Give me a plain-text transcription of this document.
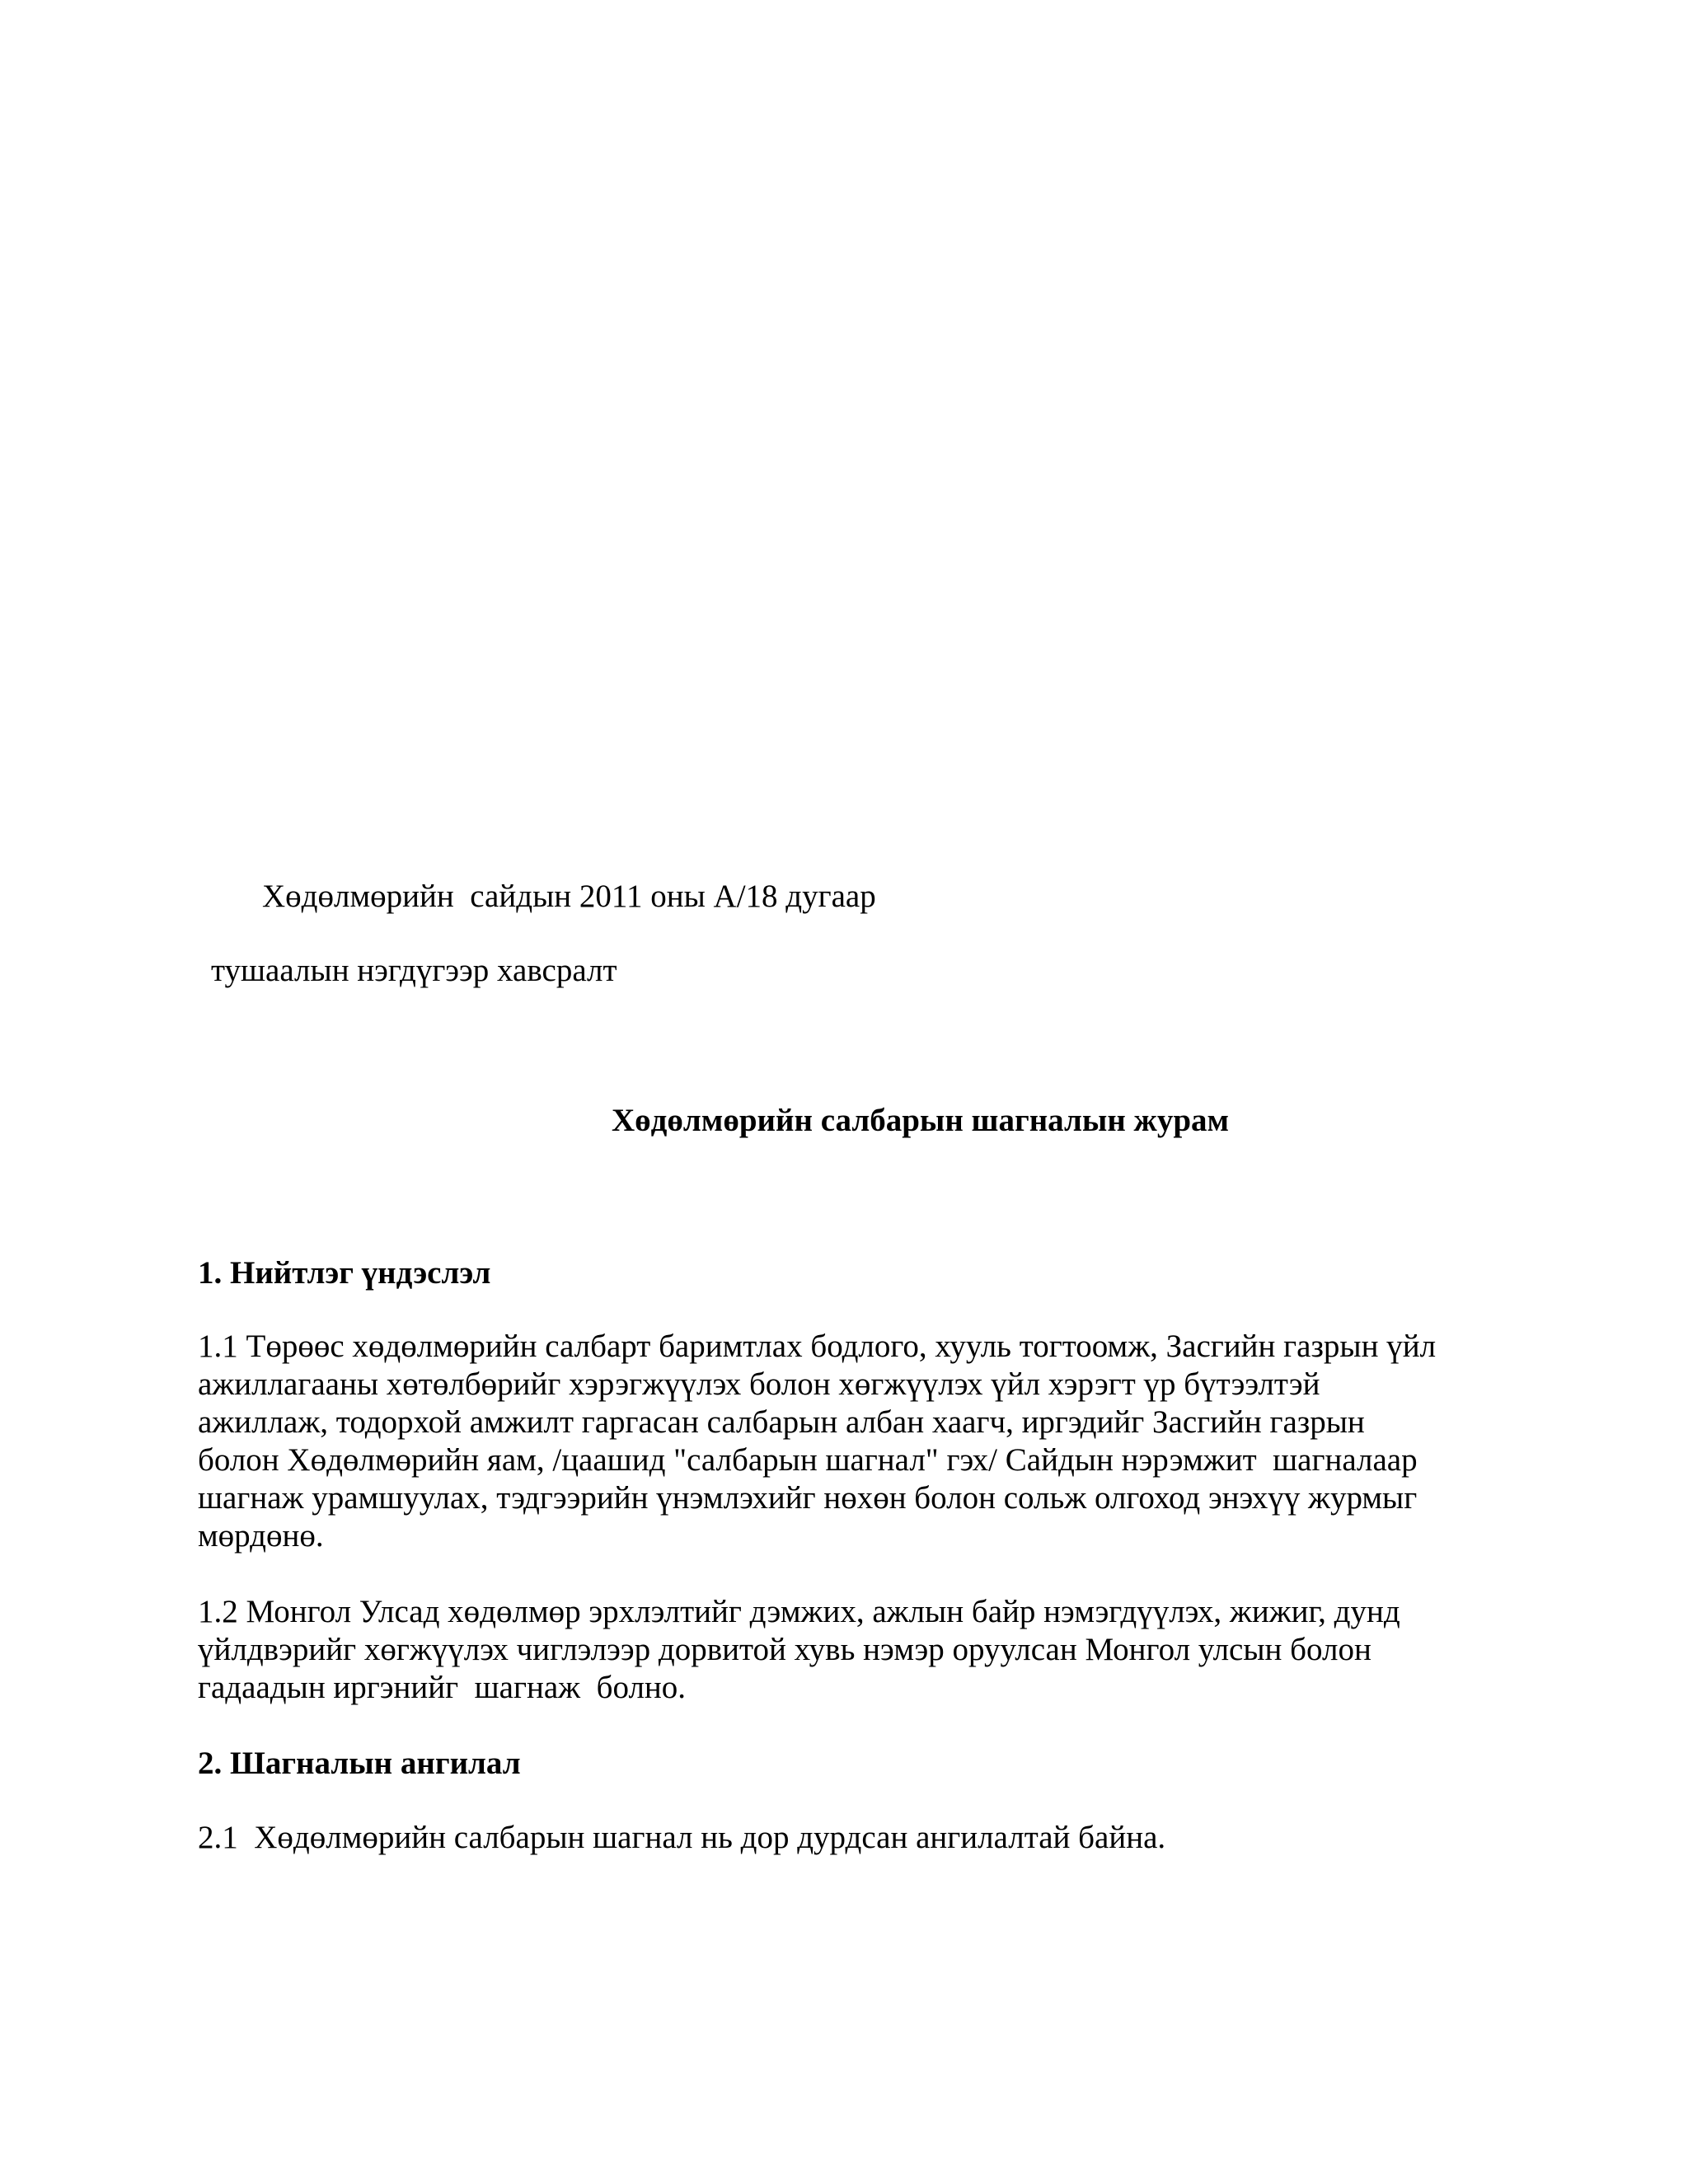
Хөдөлмөрийн  сайдын 2011 оны А/18 дугаар
тушаалын нэгдүгээр хавсралт
Хөдөлмөрийн салбарын шагналын журам
1. Нийтлэг үндэслэл
1.1 Төрөөс хөдөлмөрийн салбарт баримтлах бодлого, хууль тогтоомж, Засгийн газрын үйл
ажиллагааны хөтөлбөрийг хэрэгжүүлэх болон хөгжүүлэх үйл хэрэгт үр бүтээлтэй
ажиллаж, тодорхой амжилт гаргасан салбарын албан хаагч, иргэдийг Засгийн газрын
болон Хөдөлмөрийн яам, /цаашид "салбарын шагнал" гэх/ Сайдын нэрэмжит  шагналаар
шагнаж урамшуулах, тэдгээрийн үнэмлэхийг нөхөн болон сольж олгоход энэхүү журмыг
мөрдөнө.
1.2 Монгол Улсад хөдөлмөр эрхлэлтийг дэмжих, ажлын байр нэмэгдүүлэх, жижиг, дунд
үйлдвэрийг хөгжүүлэх чиглэлээр дорвитой хувь нэмэр оруулсан Монгол улсын болон
гадаадын иргэнийг  шагнаж  болно.
2. Шагналын ангилал
2.1  Хөдөлмөрийн салбарын шагнал нь дор дурдсан ангилалтай байна.
